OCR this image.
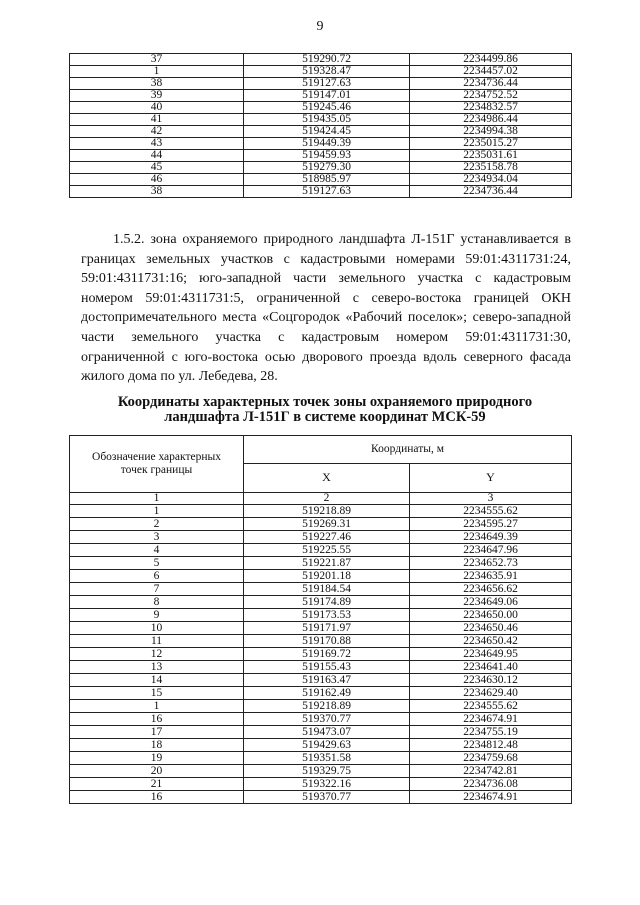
9
37	519290.72	2234499.86
1	519328.47	2234457.02
38	519127.63	2234736.44
39	519147.01	2234752.52
40	519245.46	2234832.57
41	519435.05	2234986.44
42	519424.45	2234994.38
43	519449.39	2235015.27
44	519459.93	2235031.61
45	519279.30	2235158.78
46	518985.97	2234934.04
38	519127.63	2234736.44
1.5.2. зона охраняемого природного ландшафта Л-151Г устанавливается в границах земельных участков с кадастровыми номерами 59:01:4311731:24, 59:01:4311731:16; юго-западной части земельного участка с кадастровым номером 59:01:4311731:5, ограниченной с северо-востока границей ОКН достопримечательного места «Соцгородок «Рабочий поселок»; северо-западной части земельного участка с кадастровым номером 59:01:4311731:30, ограниченной с юго-востока осью дворового проезда вдоль северного фасада жилого дома по ул. Лебедева, 28.
Координаты характерных точек зоны охраняемого природного ландшафта Л-151Г в системе координат МСК-59
Обозначение характерных точек границы	Координаты, м	
	X	Y
1	2	3
1	519218.89	2234555.62
2	519269.31	2234595.27
3	519227.46	2234649.39
4	519225.55	2234647.96
5	519221.87	2234652.73
6	519201.18	2234635.91
7	519184.54	2234656.62
8	519174.89	2234649.06
9	519173.53	2234650.00
10	519171.97	2234650.46
11	519170.88	2234650.42
12	519169.72	2234649.95
13	519155.43	2234641.40
14	519163.47	2234630.12
15	519162.49	2234629.40
1	519218.89	2234555.62
16	519370.77	2234674.91
17	519473.07	2234755.19
18	519429.63	2234812.48
19	519351.58	2234759.68
20	519329.75	2234742.81
21	519322.16	2234736.08
16	519370.77	2234674.91
